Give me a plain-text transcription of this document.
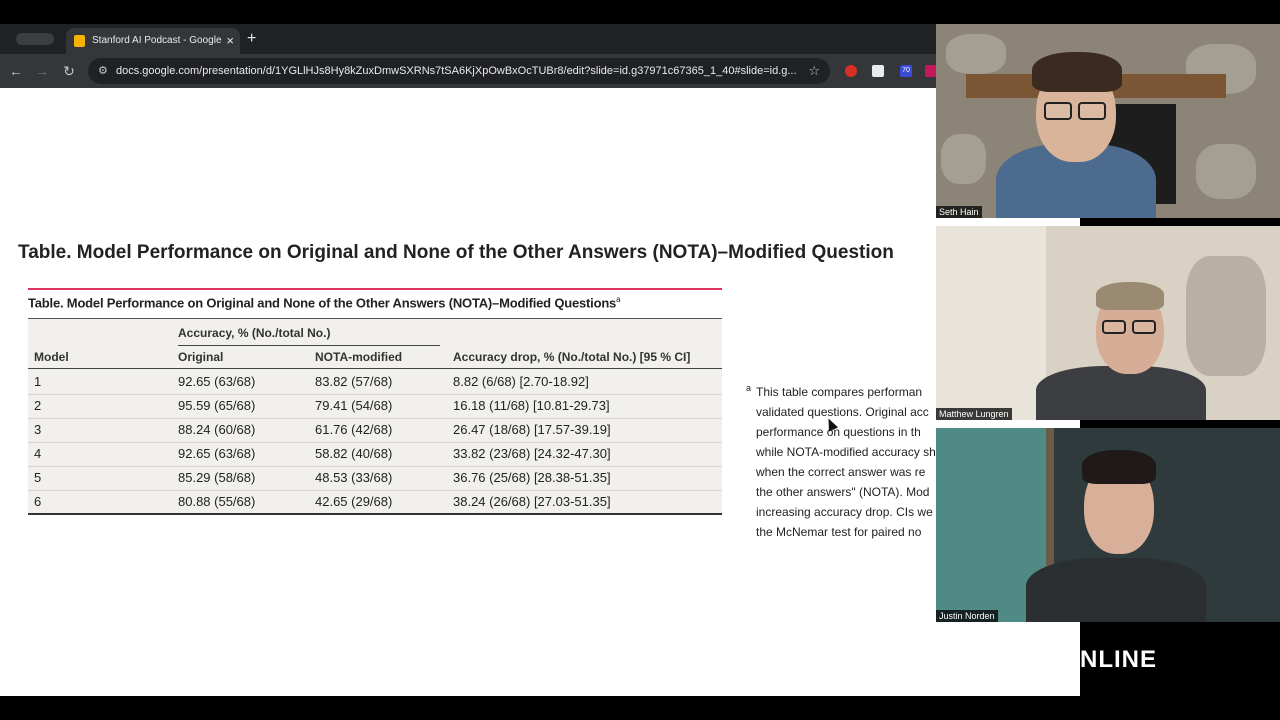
Stanford AI Podcast - Google × +
← → ↻	⚙ docs.google.com/presentation/d/1YGLlHJs8Hy8kZuxDmwSXRNs7tSA6KjXpOwBxOcTUBr8/edit?slide=id.g37971c67365_1_40#slide=id.g... ☆	70
Table. Model Performance on Original and None of the Other Answers (NOTA)–Modified Question
Table. Model Performance on Original and None of the Other Answers (NOTA)–Modified Questions$^a$
Accuracy, % (No./total No.)
Model	Original	NOTA-modified	Accuracy drop, % (No./total No.) [95 % CI]
1	92.65 (63/68)	83.82 (57/68)	8.82 (6/68) [2.70-18.92]
2	95.59 (65/68)	79.41 (54/68)	16.18 (11/68) [10.81-29.73]
3	88.24 (60/68)	61.76 (42/68)	26.47 (18/68) [17.57-39.19]
4	92.65 (63/68)	58.82 (40/68)	33.82 (23/68) [24.32-47.30]
5	85.29 (58/68)	48.53 (33/68)	36.76 (25/68) [28.38-51.35]
6	80.88 (55/68)	42.65 (29/68)	38.24 (26/68) [27.03-51.35]
a This table compares performan
validated questions. Original acc
performance on questions in th
while NOTA-modified accuracy sh
when the correct answer was re
the other answers" (NOTA). Mod
increasing accuracy drop. CIs we
the McNemar test for paired no
NLINE
Seth Hain
Matthew Lungren
Justin Norden
